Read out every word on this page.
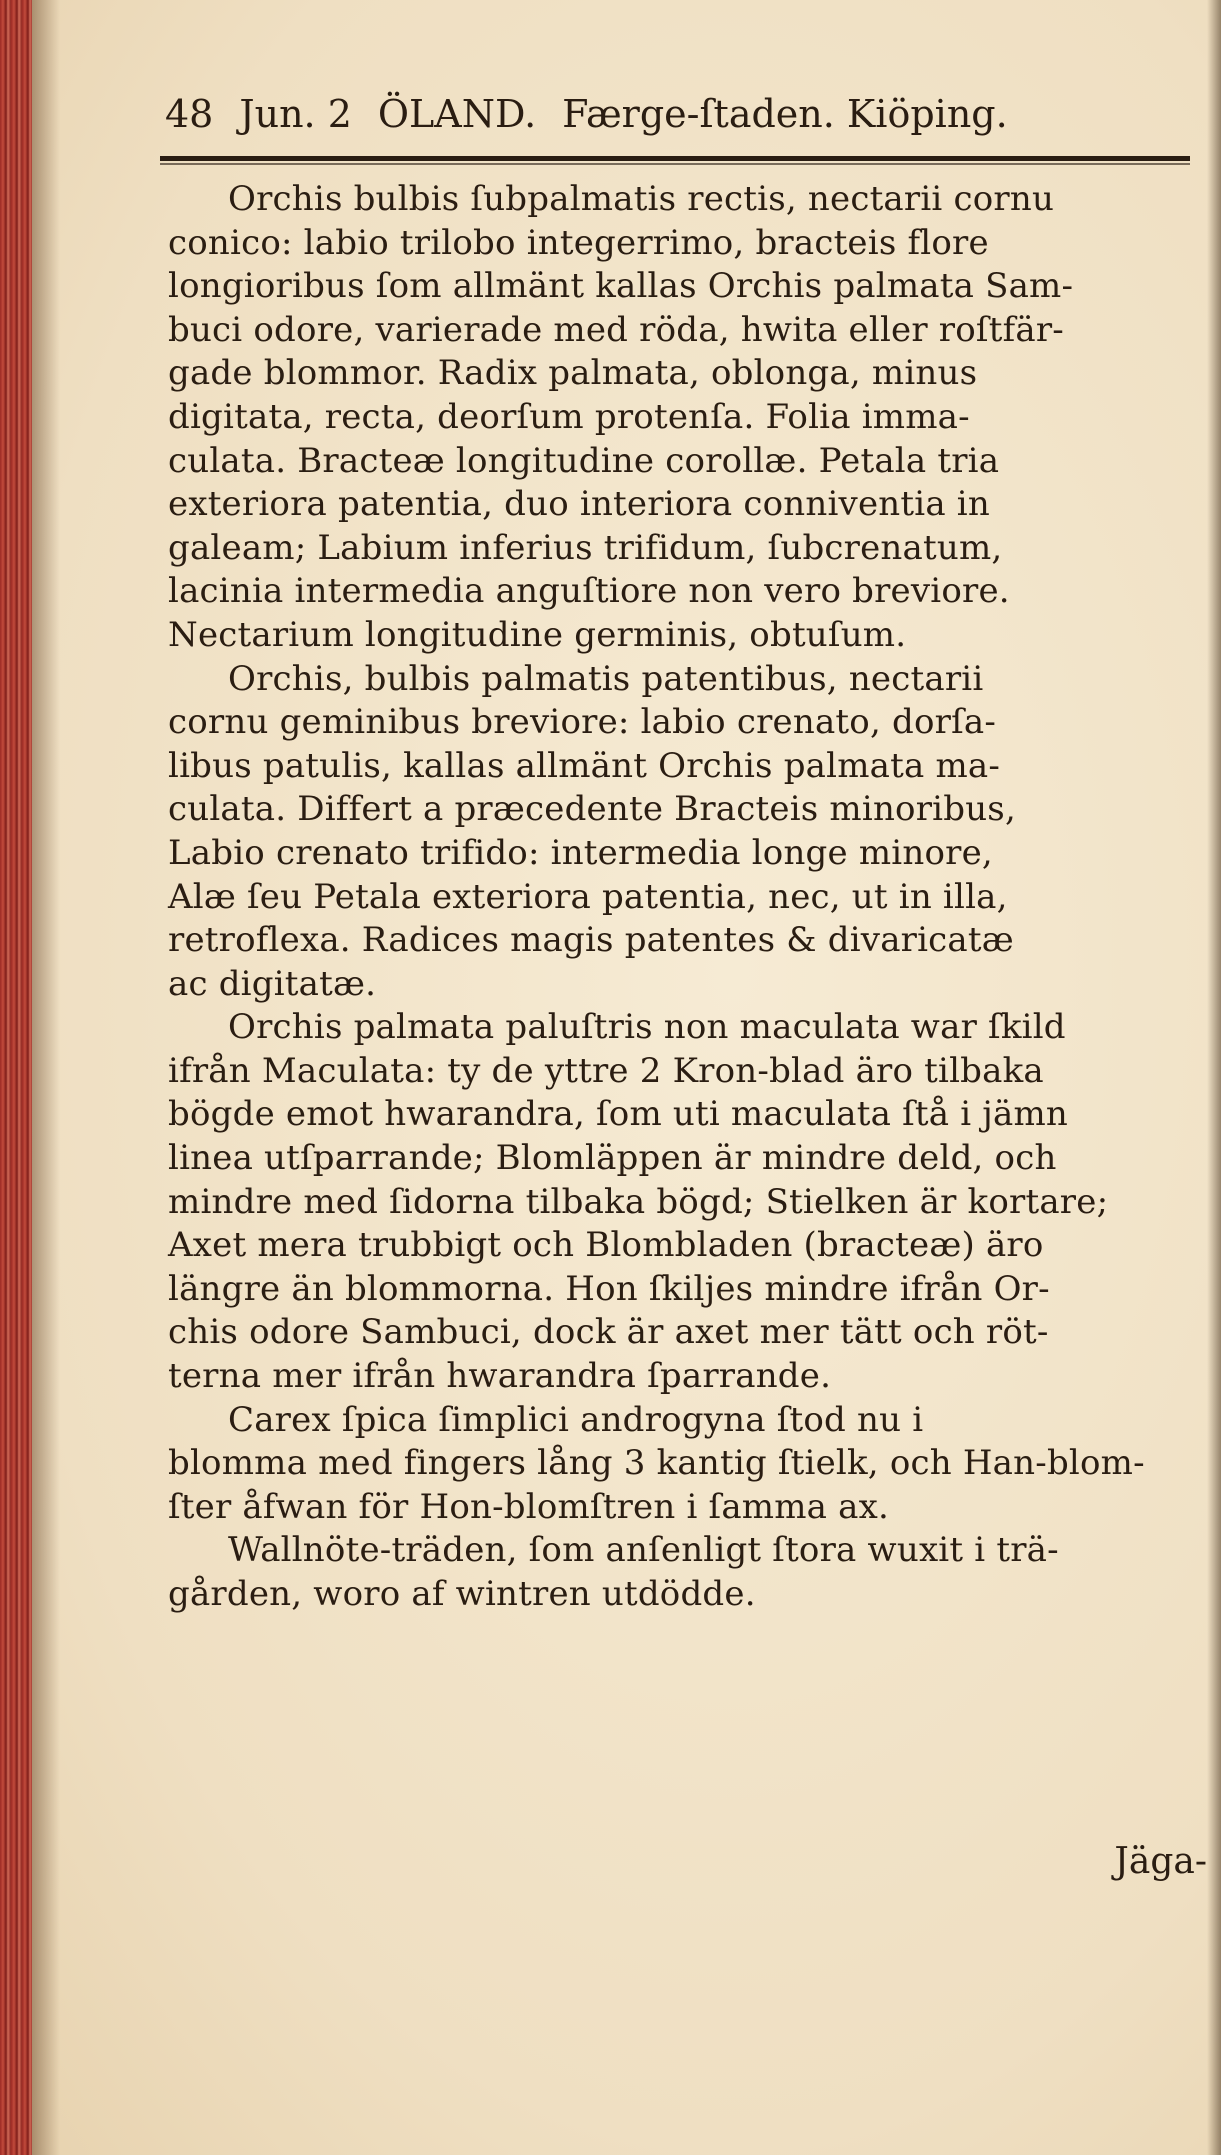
48 Jun. 2 ÖLAND. Færge-ſtaden. Kiöping.
Orchis bulbis ſubpalmatis rectis, nectarii cornu
conico: labio trilobo integerrimo, bracteis flore
longioribus ſom allmänt kallas Orchis palmata Sam-
buci odore, varierade med röda, hwita eller roſtfär-
gade blommor. Radix palmata, oblonga, minus
digitata, recta, deorſum protenſa. Folia imma-
culata. Bracteæ longitudine corollæ. Petala tria
exteriora patentia, duo interiora conniventia in
galeam; Labium inferius trifidum, ſubcrenatum,
lacinia intermedia anguſtiore non vero breviore.
Nectarium longitudine germinis, obtuſum.
Orchis, bulbis palmatis patentibus, nectarii
cornu geminibus breviore: labio crenato, dorſa-
libus patulis, kallas allmänt Orchis palmata ma-
culata. Differt a præcedente Bracteis minoribus,
Labio crenato trifido: intermedia longe minore,
Alæ ſeu Petala exteriora patentia, nec, ut in illa,
retroflexa. Radices magis patentes & divaricatæ
ac digitatæ.
Orchis palmata paluſtris non maculata war ſkild
ifrån Maculata: ty de yttre 2 Kron-blad äro tilbaka
bögde emot hwarandra, ſom uti maculata ſtå i jämn
linea utſparrande; Blomläppen är mindre deld, och
mindre med ſidorna tilbaka bögd; Stielken är kortare;
Axet mera trubbigt och Blombladen (bracteæ) äro
längre än blommorna. Hon ſkiljes mindre ifrån Or-
chis odore Sambuci, dock är axet mer tätt och röt-
terna mer ifrån hwarandra ſparrande.
Carex ſpica ſimplici androgyna ſtod nu i
blomma med fingers lång 3 kantig ſtielk, och Han-blom-
ſter åfwan för Hon-blomſtren i ſamma ax.
Wallnöte-träden, ſom anſenligt ſtora wuxit i trä-
gården, woro af wintren utdödde.
Jäga-
